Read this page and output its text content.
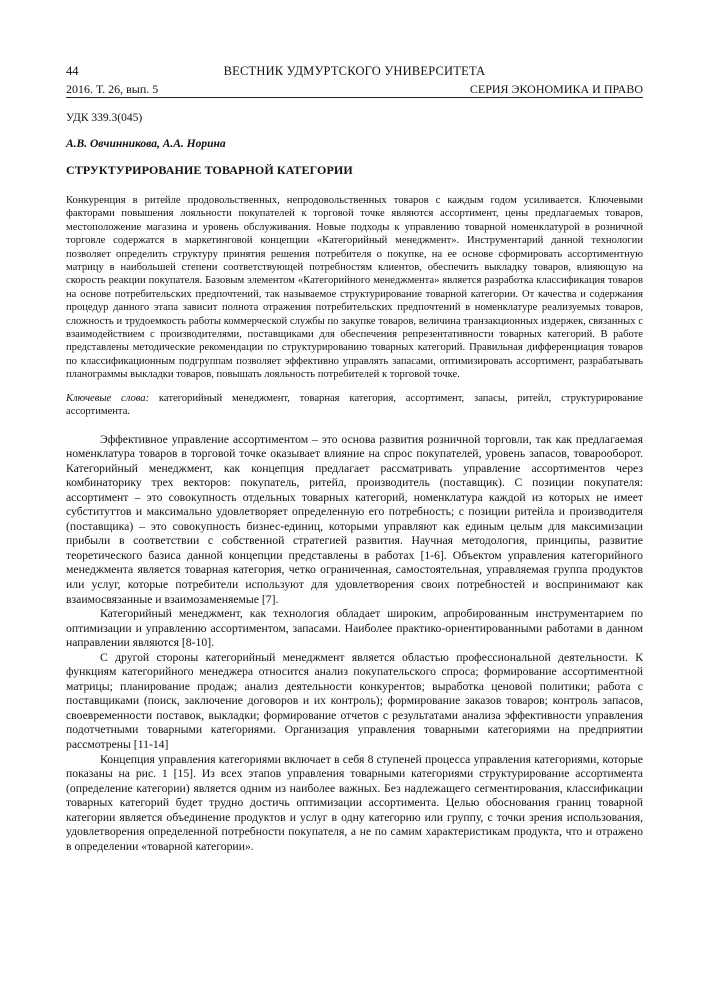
44	ВЕСТНИК УДМУРТСКОГО УНИВЕРСИТЕТА
2016. Т. 26, вып. 5	СЕРИЯ ЭКОНОМИКА И ПРАВО
УДК 339.3(045)
А.В. Овчинникова, А.А. Норина
СТРУКТУРИРОВАНИЕ ТОВАРНОЙ КАТЕГОРИИ
Конкуренция в ритейле продовольственных, непродовольственных товаров с каждым годом усиливается. Ключевыми факторами повышения лояльности покупателей к торговой точке являются ассортимент, цены предлагаемых товаров, местоположение магазина и уровень обслуживания. Новые подходы к управлению товарной номенклатурой в розничной торговле содержатся в маркетинговой концепции «Категорийный менеджмент». Инструментарий данной технологии позволяет определить структуру принятия решения потребителя о покупке, на ее основе сформировать ассортиментную матрицу в наибольшей степени соответствующей потребностям клиентов, обеспечить выкладку товаров, влияющую на скорость реакции покупателя. Базовым элементом «Категорийного менеджмента» является разработка классификация товаров на основе потребительских предпочтений, так называемое структурирование товарной категории. От качества и содержания процедур данного этапа зависит полнота отражения потребительских предпочтений в номенклатуре реализуемых товаров, сложность и трудоемкость работы коммерческой службы по закупке товаров, величина транзакционных издержек, связанных с взаимодействием с производителями, поставщиками для обеспечения репрезентативности товарных категорий. В работе представлены методические рекомендации по структурированию товарных категорий. Правильная дифференциация товаров по классификационным подгруппам позволяет эффективно управлять запасами, оптимизировать ассортимент, разрабатывать планограммы выкладки товаров, повышать лояльность потребителей к торговой точке.
Ключевые слова: категорийный менеджмент, товарная категория, ассортимент, запасы, ритейл, структурирование ассортимента.

Эффективное управление ассортиментом – это основа развития розничной торговли, так как предлагаемая номенклатура товаров в торговой точке оказывает влияние на спрос покупателей, уровень запасов, товарооборот. Категорийный менеджмент, как концепция предлагает рассматривать управление ассортиментов через комбинаторику трех векторов: покупатель, ритейл, производитель (поставщик). С позиции покупателя: ассортимент – это совокупность отдельных товарных категорий, номенклатура каждой из которых не имеет субституттов и максимально удовлетворяет определенную его потребность; с позиции ритейла и производителя (поставщика) – это совокупность бизнес-единиц, которыми управляют как единым целым для максимизации прибыли в соответствии с собственной стратегией развития. Научная методология, принципы, развитие теоретического базиса данной концепции представлены в работах [1-6]. Объектом управления категорийного менеджмента является товарная категория, четко ограниченная, самостоятельная, управляемая группа продуктов или услуг, которые потребители используют для удовлетворения своих потребностей и воспринимают как взаимосвязанные и взаимозаменяемые [7].

Категорийный менеджмент, как технология обладает широким, апробированным инструментарием по оптимизации и управлению ассортиментом, запасами. Наиболее практико-ориентированными работами в данном направлении являются [8-10].

С другой стороны категорийный менеджмент является областью профессиональной деятельности. К функциям категорийного менеджера относится анализ покупательского спроса; формирование ассортиментной матрицы; планирование продаж; анализ деятельности конкурентов; выработка ценовой политики; работа с поставщиками (поиск, заключение договоров и их контроль); формирование заказов товаров; контроль запасов, своевременности поставок, выкладки; формирование отчетов с результатами анализа эффективности управления подотчетными товарными категориями. Организация управления товарными категориями на предприятии рассмотрены [11-14]

Концепция управления категориями включает в себя 8 ступеней процесса управления категориями, которые показаны на рис. 1 [15]. Из всех этапов управления товарными категориями структурирование ассортимента (определение категории) является одним из наиболее важных. Без надлежащего сегментирования, классификации товарных категорий будет трудно достичь оптимизации ассортимента. Целью обоснования границ товарной категории является объединение продуктов и услуг в одну категорию или группу, с точки зрения использования, удовлетворения определенной потребности покупателя, а не по самим характеристикам продукта, что и отражено в определении «товарной категории».
